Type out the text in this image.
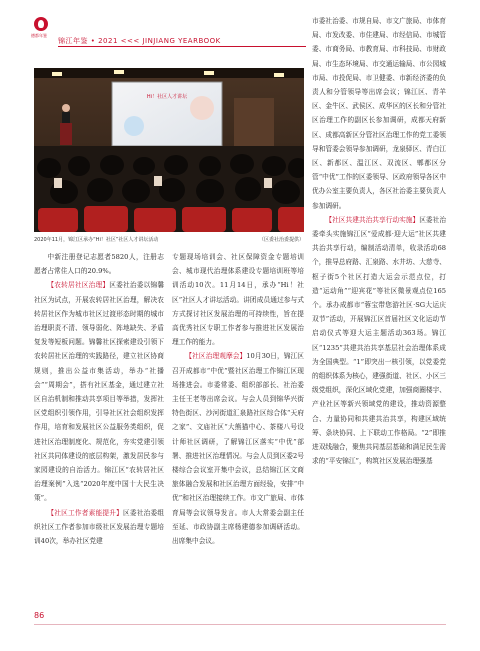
德都年鉴
锦江年鉴 • 2021 <<< JINJIANG YEARBOOK
Hi！社区人才讲坛
2020年11月，锦江区承办“Hi！社区”社区人才讲坛活动	（区委社治委提供）

中新注册登记志愿者5820人，注册志愿者占常住人口的20.9%。

【农转居社区治理】区委社治委以锦馨社区为试点，开展农转居社区治理，解决农转居社区作为城市社区过渡形态时期的城市治理职责不清、领导弱化、阵地缺失、矛盾复发等短板问题。锦馨社区探索建设引领下农转居社区治理的实践路径，建立社区协商规则，推出公益市集活动，举办“社播会”“周期会”，搭有社区基金，通过建立社区自治机制和推动共享项目等举措，发挥社区党组织引领作用，引导社区社会组织发挥作用，培育和发展社区公益服务类组织，促进社区治理制度化、规范化，夯实党建引领社区共同体建设的底层构架，激发居民参与家园建设的自治活力。锦江区“农转居社区治理案例”入选“2020年度中国十大民生决策”。

【社区工作者素能提升】区委社治委组织社区工作者参加市级社区发展治理专题培训40次，举办社区党建

专题现场培训会、社区保障资金专题培训会、城市现代治理体系建设专题培训班等培训活动10次。11月14日，承办“Hi！社区”社区人才讲坛活动。讲团成员通过参与式方式探讨社区发展治理的可持续性，旨在提高优秀社区专职工作者参与推进社区发展治理工作的能力。

【社区治理观摩会】10月30日，锦江区召开成都市“中优”暨社区治理工作锦江区现场推进会。市委常委、组织部部长、社治委主任王老等出席会议。与会人员到锦华兴街特色街区、沙河街道汇泉路社区综合体“天府之家”、文庙社区“大熊猫中心、茶楼八号设计师社区调研，了解锦江区落实“中优”部署、推进社区治理情况。与会人员到区委2号楼综合会议室开集中会议，总结锦江区文商旅体融合发展和社区治理方面经验，安排“中优”和社区治理接续工作。市文广旅局、市体育局等会议领导发言。市人大常委会副主任至延、市政协副主席杨建德参加调研活动。出席集中会议。

市委社治委、市规自局、市文广旅局、市体育局、市发改委、市住建局、市经信局、市城管委、市商务局、市教育局、市科技局、市财政局、市生态环境局、市交通运输局、市公园城市局、市投促局、市卫健委、市新经济委的负责人和分管领导等出席会议；锦江区、青羊区、金牛区、武侯区、成华区的区长和分管社区治理工作的副区长参加调研，成都天府新区、成都高新区分管社区治理工作的党工委领导和管委会领导参加调研，龙泉驿区、青白江区、新都区、温江区、双流区、郫都区分管“中优”工作的区委领导、区政府领导各区中优办公室主要负责人，各区社治委主要负责人参加调研。

【社区共建共治共享行动实施】区委社治委牵头实施锦江区“爱成都·迎大运”社区共建共治共享行动，编制活动清单，收录活动68个，推导总府路、汇泉路、水井坊、大慈寺、枢子街5个社区打造大运会示范点位，打造“运动角”“迎宾花”等社区微景观点位165个。承办成都市“蓉宝带您游社区·SG大运庆双节”活动，开展锦江区首届社区文化运动节启动仪式等迎大运主题活动363场。锦江区“1235”共建共治共享基层社会治理体系成为全国典型。“1”即突出一核引领，以党委党的组织体系为核心，建强街道、社区、小区三级党组织，深化区域化党建，加强商圈楼宇、产业社区等新兴领域党的建设，推动资源整合、力量协同和共建共治共享，构建区域统筹、条块协同、上下联动工作格局。“2”即推进双线融合，聚焦共同基层基础和满足民生需求的“平安锦江”，构筑社区发展治理强基

86
